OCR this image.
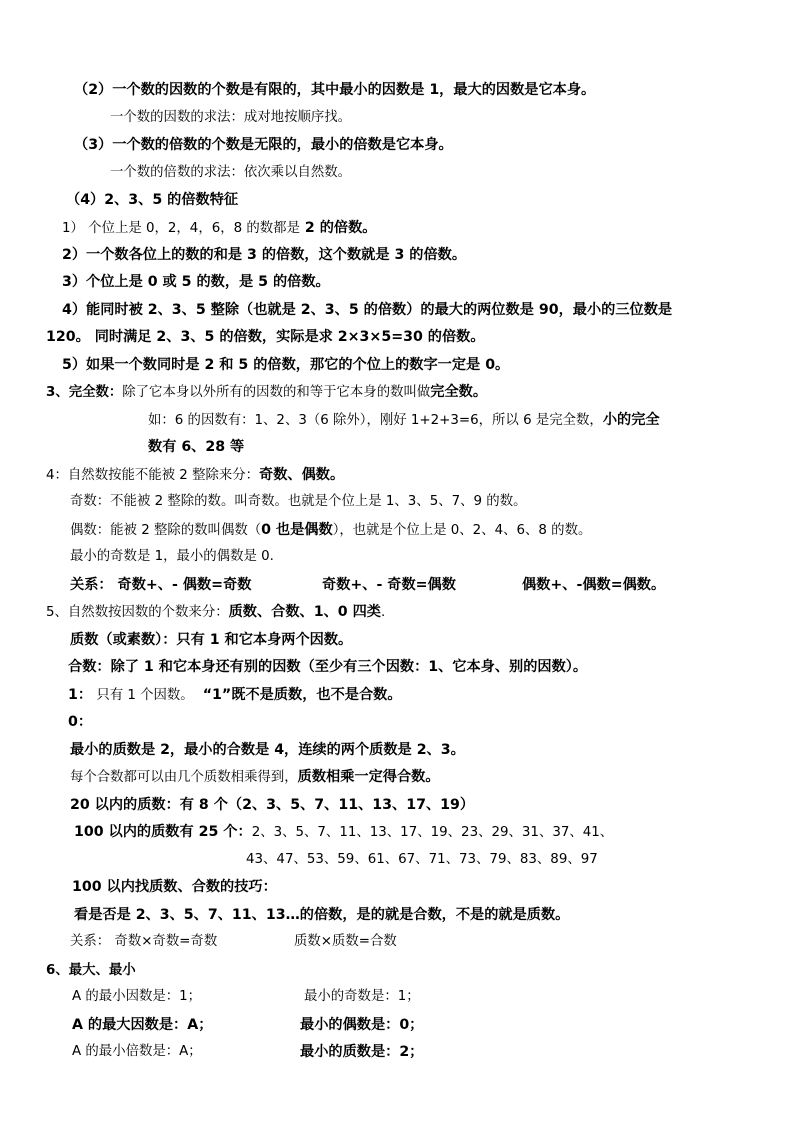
（2）一个数的因数的个数是有限的，其中最小的因数是 1，最大的因数是它本身。
一个数的因数的求法：成对地按顺序找。
（3）一个数的倍数的个数是无限的，最小的倍数是它本身。
一个数的倍数的求法：依次乘以自然数。
（4）2、3、5 的倍数特征
1） 个位上是 0，2，4，6，8 的数都是 2 的倍数。
2）一个数各位上的数的和是 3 的倍数，这个数就是 3 的倍数。
3）个位上是 0 或 5 的数，是 5 的倍数。
4）能同时被 2、3、5 整除（也就是 2、3、5 的倍数）的最大的两位数是 90，最小的三位数是
120。 同时满足 2、3、5 的倍数，实际是求 2×3×5=30 的倍数。
5）如果一个数同时是 2 和 5 的倍数，那它的个位上的数字一定是 0。
3、完全数：除了它本身以外所有的因数的和等于它本身的数叫做完全数。
如：6 的因数有：1、2、3（6 除外），刚好 1+2+3=6，所以 6 是完全数，小的完全
数有 6、28 等
4：自然数按能不能被 2 整除来分：奇数、偶数。
奇数：不能被 2 整除的数。叫奇数。也就是个位上是 1、3、5、7、9 的数。
偶数：能被 2 整除的数叫偶数（0 也是偶数），也就是个位上是 0、2、4、6、8 的数。
最小的奇数是 1，最小的偶数是 0.
关系： 奇数+、- 偶数=奇数	奇数+、- 奇数=偶数	偶数+、-偶数=偶数。
5、自然数按因数的个数来分：质数、合数、1、0 四类.
质数（或素数）：只有 1 和它本身两个因数。
合数：除了 1 和它本身还有别的因数（至少有三个因数：1、它本身、别的因数）。
1： 只有 1 个因数。 “1”既不是质数，也不是合数。
0：
最小的质数是 2，最小的合数是 4，连续的两个质数是 2、3。
每个合数都可以由几个质数相乘得到，质数相乘一定得合数。
20 以内的质数：有 8 个（2、3、5、7、11、13、17、19）
100 以内的质数有 25 个：2、3、5、7、11、13、17、19、23、29、31、37、41、
43、47、53、59、61、67、71、73、79、83、89、97
100 以内找质数、合数的技巧：
看是否是 2、3、5、7、11、13…的倍数，是的就是合数，不是的就是质数。
关系： 奇数×奇数=奇数	质数×质数=合数
6、最大、最小
A 的最小因数是：1；	最小的奇数是：1；
A 的最大因数是：A；	最小的偶数是：0；
A 的最小倍数是：A；	最小的质数是：2；
